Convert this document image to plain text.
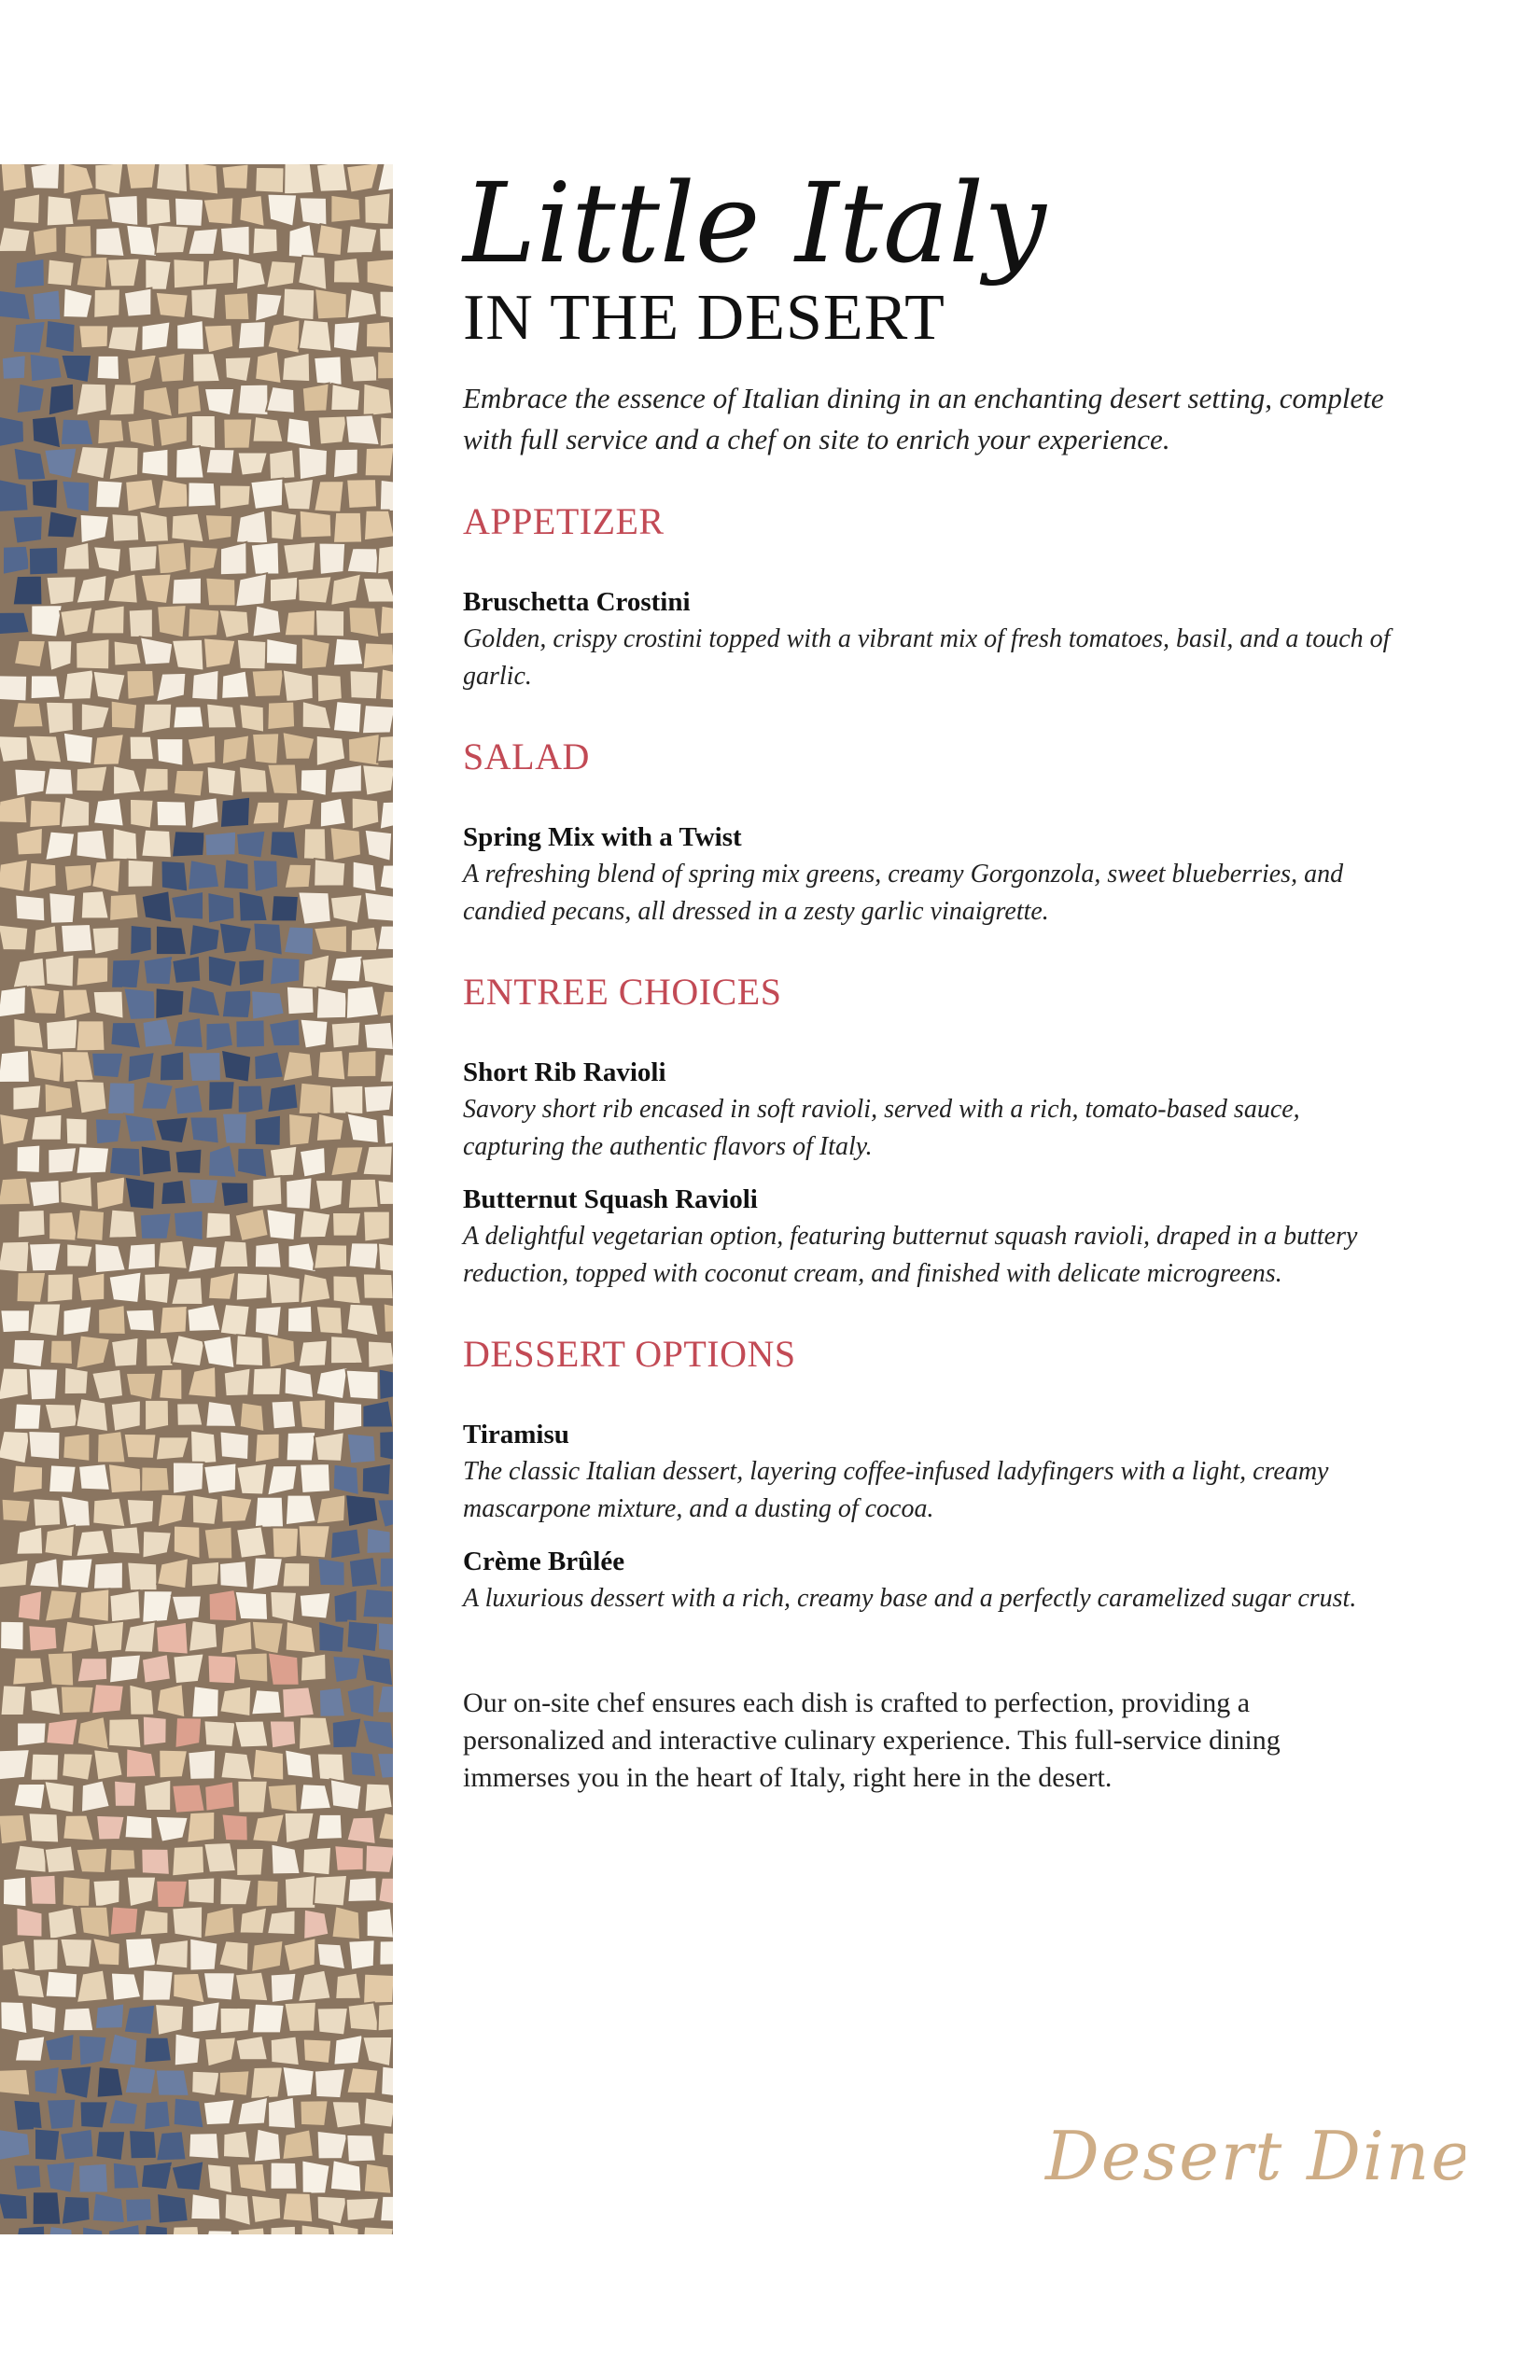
Little Italy
IN THE DESERT

Embrace the essence of Italian dining in an enchanting desert setting, complete with full service and a chef on site to enrich your experience.

APPETIZER

Bruschetta Crostini

Golden, crispy crostini topped with a vibrant mix of fresh tomatoes, basil, and a touch of garlic.

SALAD

Spring Mix with a Twist

A refreshing blend of spring mix greens, creamy Gorgonzola, sweet blueberries, and candied pecans, all dressed in a zesty garlic vinaigrette.

ENTREE CHOICES

Short Rib Ravioli

Savory short rib encased in soft ravioli, served with a rich, tomato-based sauce, capturing the authentic flavors of Italy.

Butternut Squash Ravioli

A delightful vegetarian option, featuring butternut squash ravioli, draped in a buttery reduction, topped with coconut cream, and finished with delicate microgreens.

DESSERT OPTIONS

Tiramisu

The classic Italian dessert, layering coffee-infused ladyfingers with a light, creamy mascarpone mixture, and a dusting of cocoa.

Crème Brûlée

A luxurious dessert with a rich, creamy base and a perfectly caramelized sugar crust.

Our on-site chef ensures each dish is crafted to perfection, providing a personalized and interactive culinary experience. This full-service dining immerses you in the heart of Italy, right here in the desert.

Desert Dine
